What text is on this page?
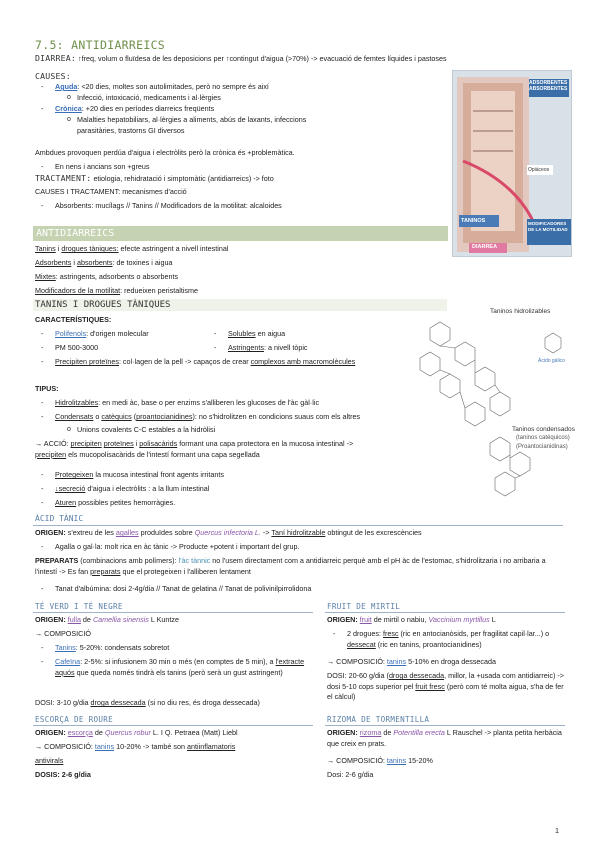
7.5: ANTIDIARREICS
DIARREA: ↑freq, volum o fluïdesa de les deposicions per ↑contingut d'aigua (>70%) -> evacuació de femtes líquides i pastoses
CAUSES:
Aguda: <20 dies, moltes son autolimitades, però no sempre és així
Infecció, intoxicació, medicaments i al·lèrgies
Crònica: +20 dies en períodes diarreics freqüents
Malalties hepatobiliars, al·lèrgies a aliments, abús de laxants, infeccions parasitàries, trastorns GI diversos
Ambdues provoquen perdúa d'aigua i electròlits però la crònica és +problemàtica.
En nens i ancians son +greus
TRACTAMENT: etiologia, rehidratació i simptomàtic (antidiarreics) -> foto
CAUSES I TRACTAMENT: mecanismes d'acció
Absorbents: mucílags // Tanins // Modificadors de la motilitat: alcaloides
ADSORBENTES ABSORBENTES
Opiáceos
TANINOS
DIARREA
MODIFICADORES DE LA MOTILIDAD
ANTIDIARREICS
Tanins i drogues tàniques: efecte astringent a nivell intestinal
Adsorbents i absorbents: de toxines i aigua
Mixtes: astringents, adsorbents o absorbents
Modificadors de la motilitat: redueixen peristaltisme
TANINS I DROGUES TÀNIQUES
CARACTERÍSTIQUES:
Polifenols: d'origen molecular	Solubles en aigua
PM 500-3000	Astringents: a nivell tòpic
Precipiten proteïnes: col·lagen de la pell -> capaços de crear complexos amb macromolècules
TIPUS:
Hidrolitzables: en medi àc, base o per enzims s'alliberen les glucoses de l'àc gàl·lic
Condensats o catèquics (proantocianidines): no s'hidrolitzen en condicions suaus com els altres
Unions covalents C-C estables a la hidròlisi
→ ACCIÓ: precipiten proteïnes i polisacàrids formant una capa protectora en la mucosa intestinal -> precipiten els mucopolisacàrids de l'intestí formant una capa segellada
Protegeixen la mucosa intestinal front agents irritants
↓secreció d'aigua i electròlits : a la llum intestinal
Aturen possibles petites hemorràgies.
Taninos hidrolizables
Ácido gálico
Taninos condensados
(taninos catéquicos)
(Proantocianidinas)
ÀCID TÀNIC
ORIGEN: s'extreu de les agalles produïdes sobre Quercus infectoria L. -> Taní hidrolitzable obtingut de les excrescències
Agalla o gal·la: molt rica en àc tànic -> Producte +potent i important del grup.
PREPARATS (combinacions amb polímers): l'àc tànnic no l'usem directament com a antidiarreic perquè amb el pH àc de l'estomac, s'hidrolitzaria i no arribaria a l'intestí -> Es fan preparats que el protegeixen i l'alliberen lentament
Tanat d'albúmina: dosi 2-4g/dia // Tanat de gelatina // Tanat de polivinilpirrolidona
TÉ VERD I TÉ NEGRE
ORIGEN: fulla de Camellia sinensis L Kuntze
→ COMPOSICIÓ
Tanins: 5-20%: condensats sobretot
Cafeïna: 2-5%: si infusionem 30 min o més (en comptes de 5 min), a l'extracte aquós que queda només tindrà els tanins (però serà un gust astringent)
DOSI: 3-10 g/dia droga dessecada (si no diu res, és droga dessecada)
ESCORÇA DE ROURE
ORIGEN: escorça de Quercus robur L. I Q. Petraea (Matt) Liebl
→ COMPOSICIÓ: tanins 10-20% -> també son antiinflamatoris
antivirals
DOSIS: 2-6 g/dia
FRUIT DE MIRTIL
ORIGEN: fruit de mirtil o nabiu, Vaccinium myrtillus L
2 drogues: fresc (ric en antocianòsids, per fragilitat capil·lar...) o dessecat (ric en tanins, proantocianidines)
→ COMPOSICIÓ: tanins 5-10% en droga dessecada
DOSI: 20-60 g/dia (droga dessecada, millor, la +usada com antidiarreic) -> dosi 5-10 cops superior pel fruit fresc (però com té molta aigua, s'ha de fer el càlcul)
RIZOMA DE TORMENTILLA
ORIGEN: rizoma de Potentilla erecta L Rauschel -> planta petita herbàcia que creix en prats.
→ COMPOSICIÓ: tanins 15-20%
Dosi: 2-6 g/dia
1
